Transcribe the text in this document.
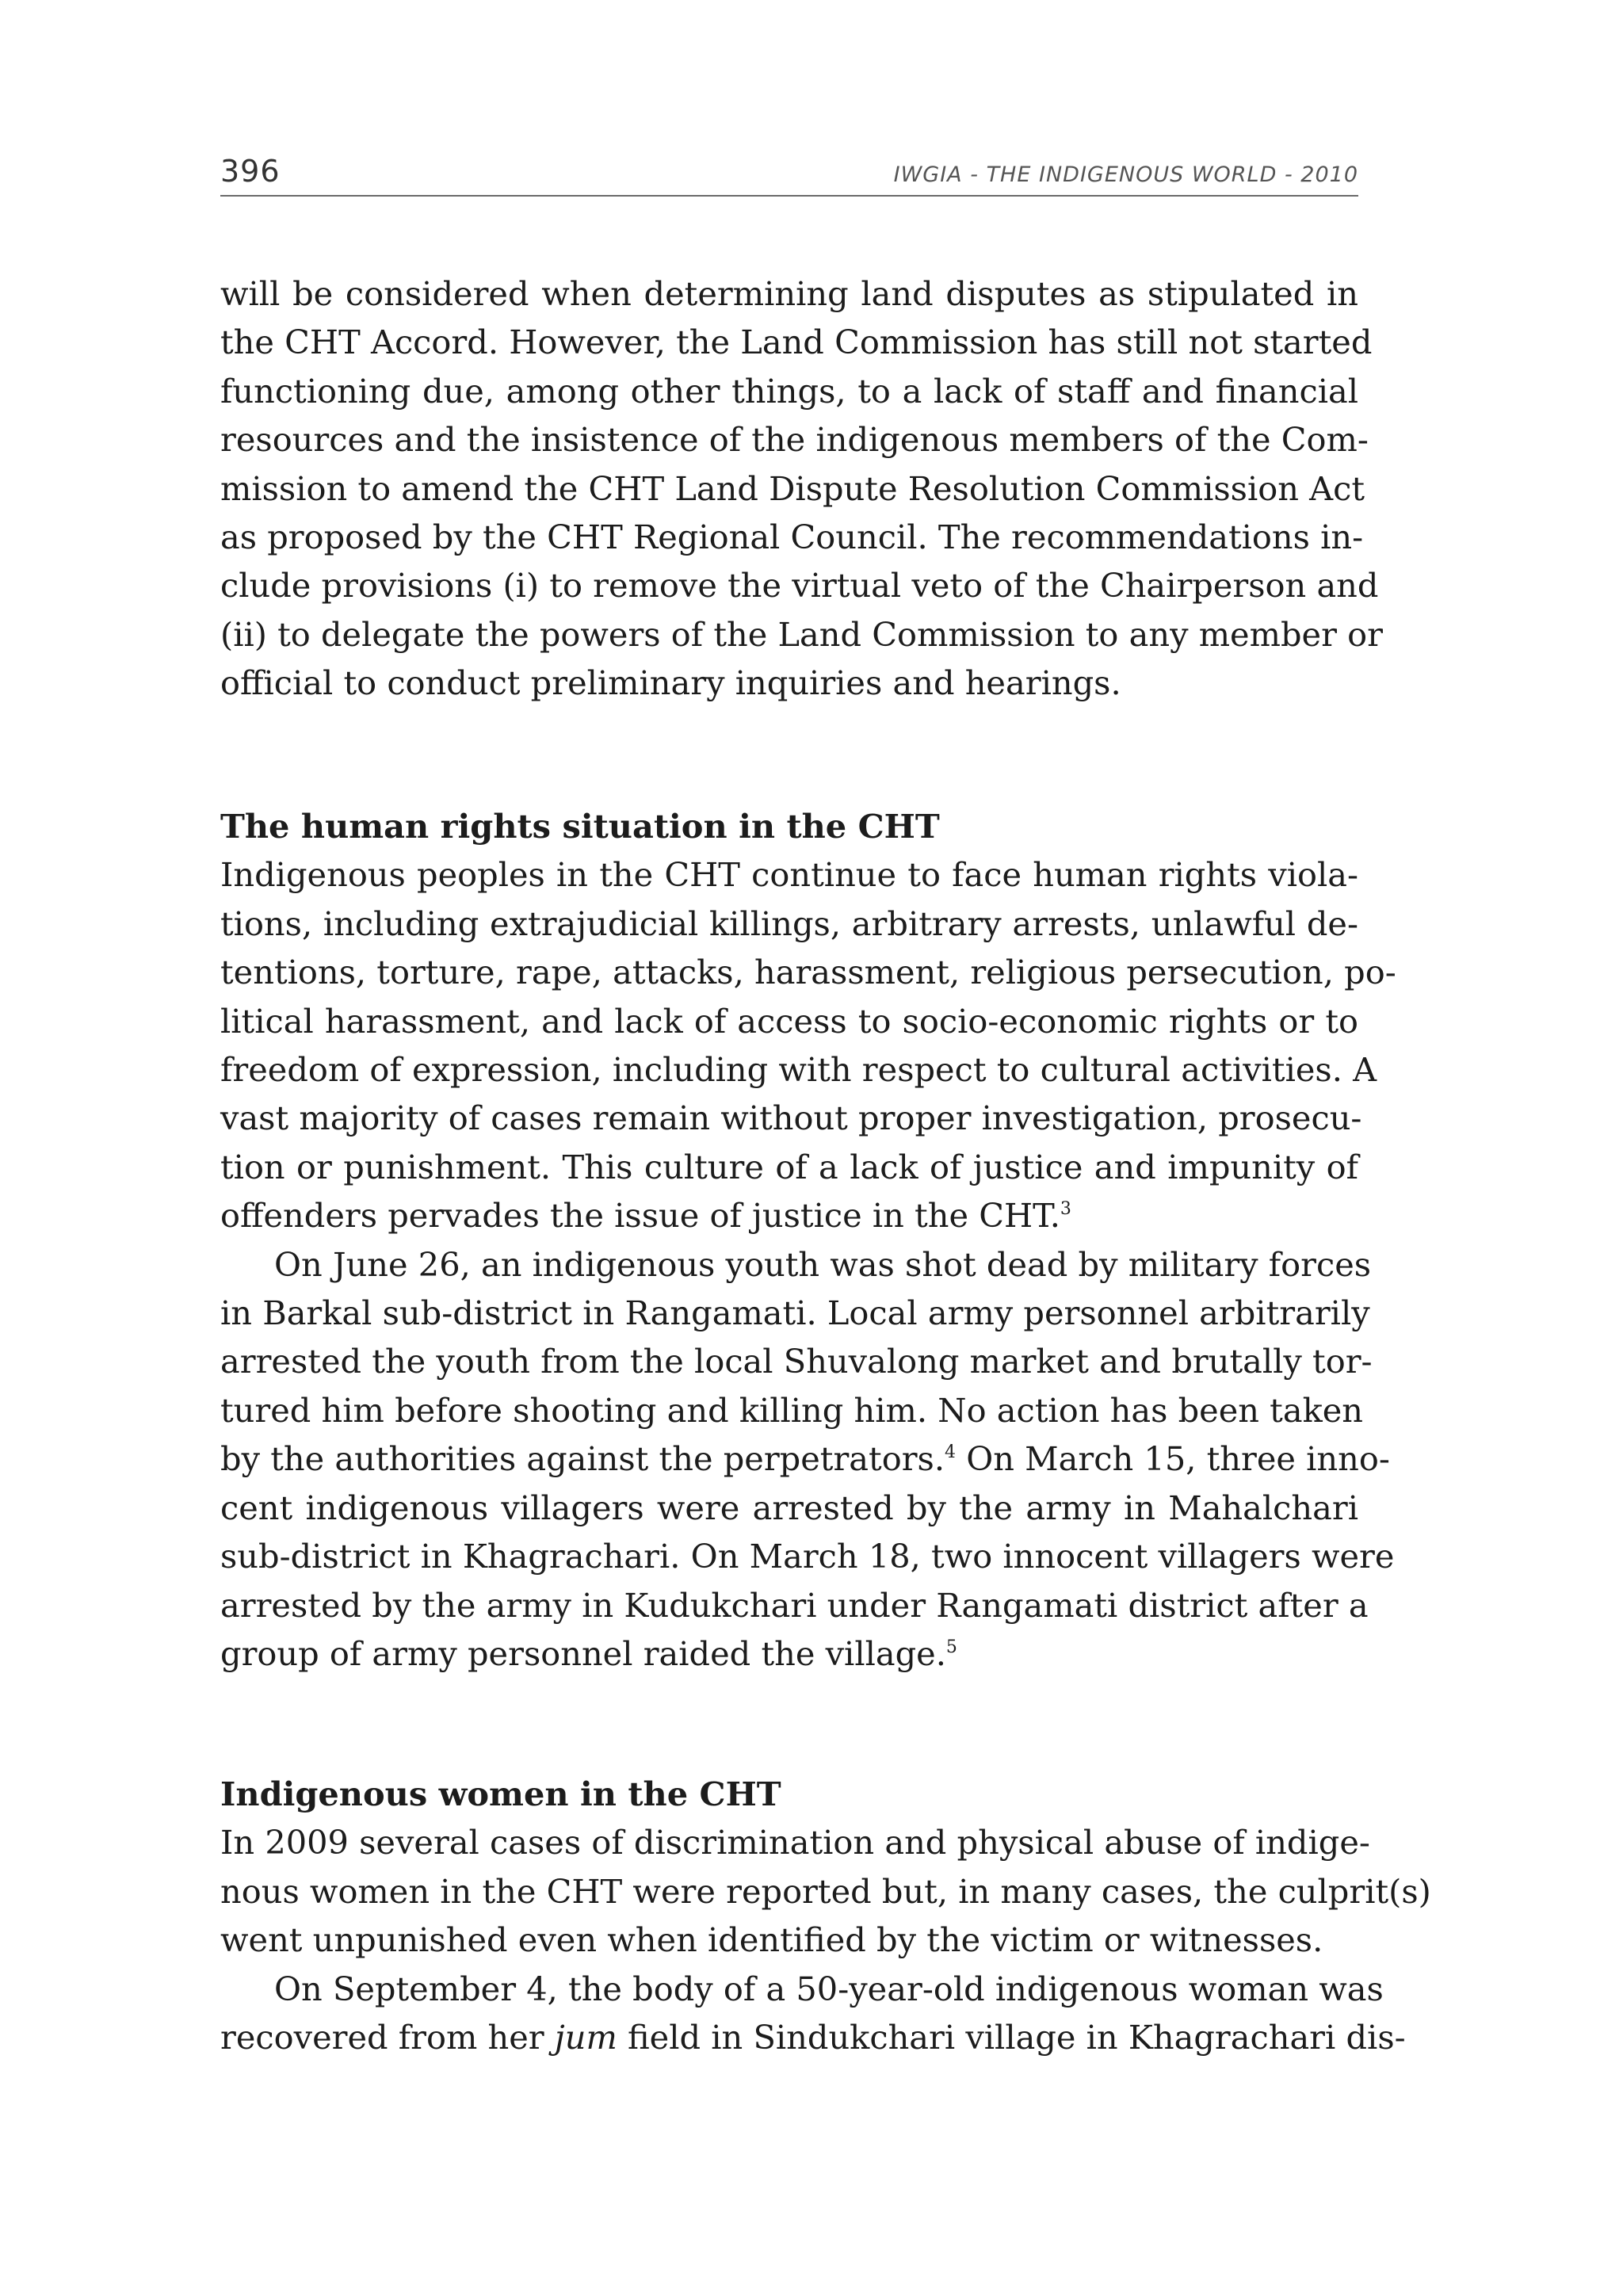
396	IWGIA - THE INDIGENOUS WORLD - 2010
will be considered when determining land disputes as stipulated in
the CHT Accord. However, the Land Commission has still not started
functioning due, among other things, to a lack of staff and financial
resources and the insistence of the indigenous members of the Com-
mission to amend the CHT Land Dispute Resolution Commission Act
as proposed by the CHT Regional Council. The recommendations in-
clude provisions (i) to remove the virtual veto of the Chairperson and
(ii) to delegate the powers of the Land Commission to any member or
official to conduct preliminary inquiries and hearings.
The human rights situation in the CHT
Indigenous peoples in the CHT continue to face human rights viola-
tions, including extrajudicial killings, arbitrary arrests, unlawful de-
tentions, torture, rape, attacks, harassment, religious persecution, po-
litical harassment, and lack of access to socio-economic rights or to
freedom of expression, including with respect to cultural activities. A
vast majority of cases remain without proper investigation, prosecu-
tion or punishment. This culture of a lack of justice and impunity of
offenders pervades the issue of justice in the CHT.$^3$
On June 26, an indigenous youth was shot dead by military forces
in Barkal sub-district in Rangamati. Local army personnel arbitrarily
arrested the youth from the local Shuvalong market and brutally tor-
tured him before shooting and killing him. No action has been taken
by the authorities against the perpetrators.$^4$ On March 15, three inno-
cent indigenous villagers were arrested by the army in Mahalchari
sub-district in Khagrachari. On March 18, two innocent villagers were
arrested by the army in Kudukchari under Rangamati district after a
group of army personnel raided the village.$^5$
Indigenous women in the CHT
In 2009 several cases of discrimination and physical abuse of indige-
nous women in the CHT were reported but, in many cases, the culprit(s)
went unpunished even when identified by the victim or witnesses.
On September 4, the body of a 50-year-old indigenous woman was
recovered from her jum field in Sindukchari village in Khagrachari dis-
